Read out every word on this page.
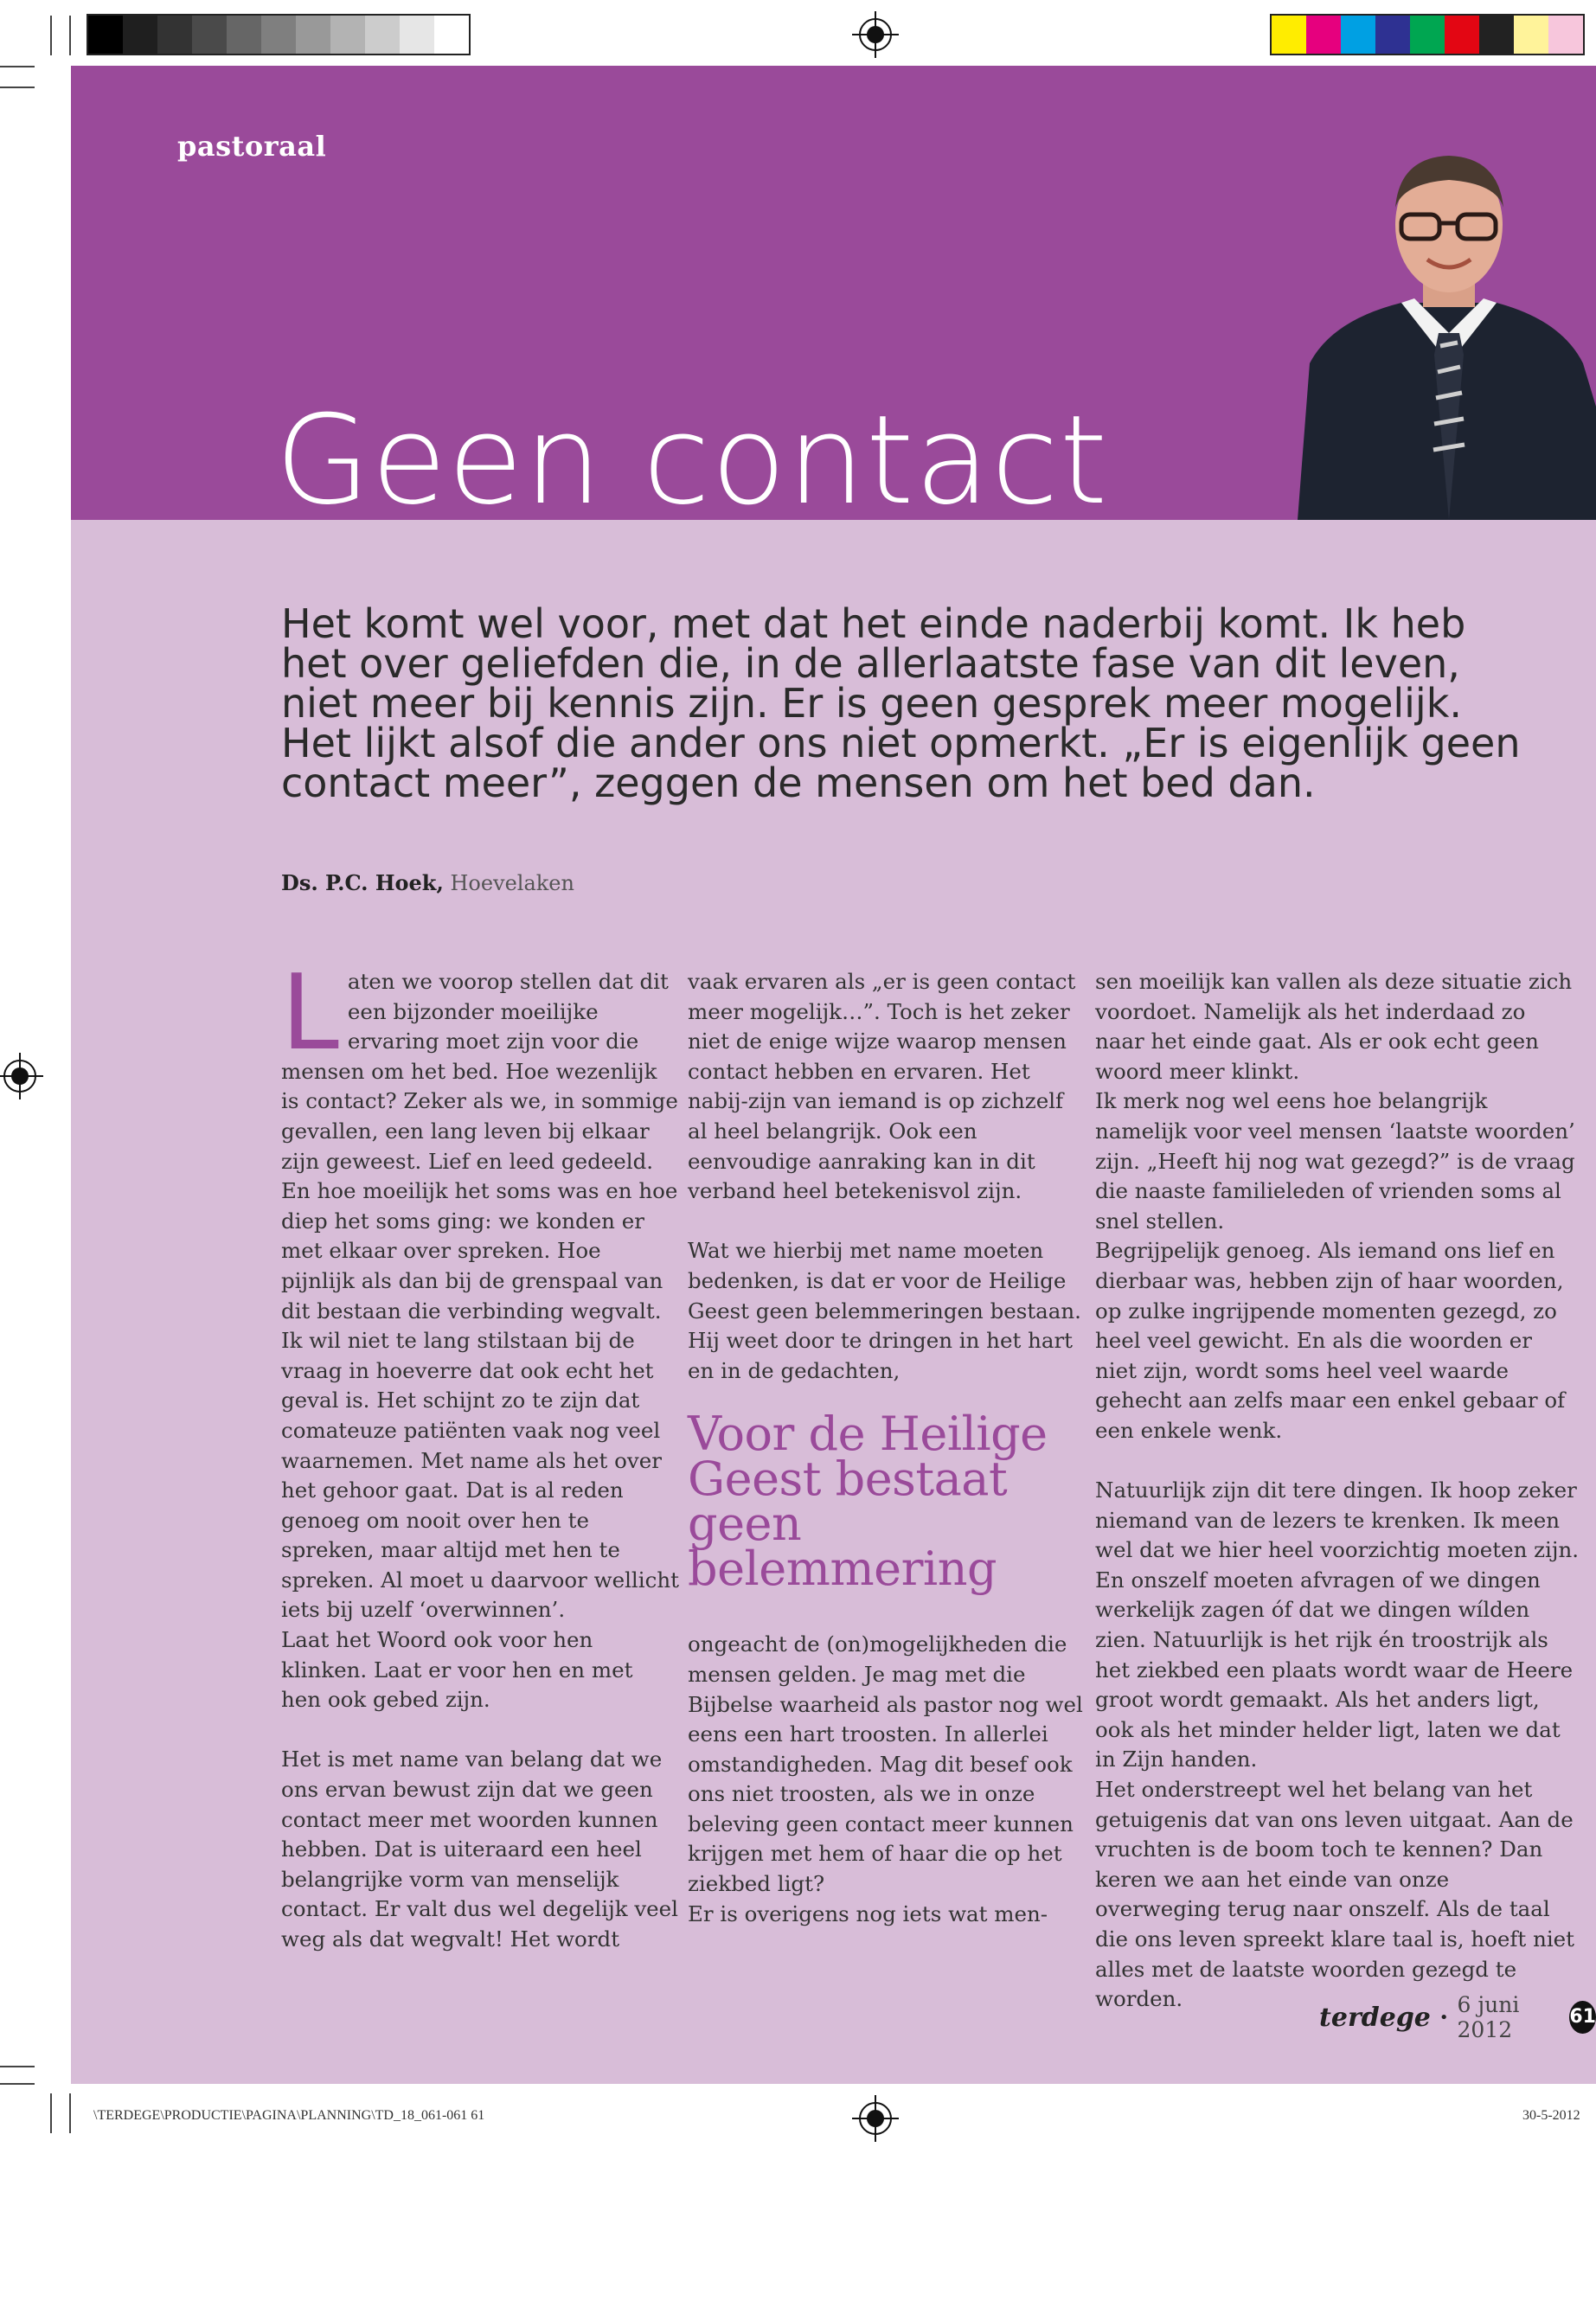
pastoraal
Geen contact

Het komt wel voor, met dat het einde naderbij komt. Ik heb het over geliefden die, in de allerlaatste fase van dit leven, niet meer bij kennis zijn. Er is geen gesprek meer mogelijk. Het lijkt alsof die ander ons niet opmerkt. „Er is eigenlijk geen contact meer”, zeggen de mensen om het bed dan.

Ds. P.C. Hoek, Hoevelaken

Laten we voorop stellen dat dit een bijzonder moeilijke ervaring moet zijn voor die mensen om het bed. Hoe wezenlijk is contact? Zeker als we, in sommige gevallen, een lang leven bij elkaar zijn geweest. Lief en leed gedeeld. En hoe moeilijk het soms was en hoe diep het soms ging: we konden er met elkaar over spreken. Hoe pijnlijk als dan bij de grenspaal van dit bestaan die verbinding wegvalt.
Ik wil niet te lang stilstaan bij de vraag in hoeverre dat ook echt het geval is. Het schijnt zo te zijn dat comateuze patiënten vaak nog veel waarnemen. Met name als het over het gehoor gaat. Dat is al reden genoeg om nooit over hen te spreken, maar altijd met hen te spreken. Al moet u daarvoor wellicht iets bij uzelf ‘overwinnen’.
Laat het Woord ook voor hen klinken. Laat er voor hen en met hen ook gebed zijn.

Het is met name van belang dat we ons ervan bewust zijn dat we geen contact meer met woorden kunnen hebben. Dat is uiteraard een heel belangrijke vorm van menselijk contact. Er valt dus wel degelijk veel weg als dat wegvalt! Het wordt

vaak ervaren als „er is geen contact meer mogelijk…”. Toch is het zeker niet de enige wijze waarop mensen contact hebben en ervaren. Het nabij-zijn van iemand is op zichzelf al heel belangrijk. Ook een eenvoudige aanraking kan in dit verband heel betekenisvol zijn.

Wat we hierbij met name moeten bedenken, is dat er voor de Heilige Geest geen belemmeringen bestaan. Hij weet door te dringen in het hart en in de gedachten,

Voor de Heilige Geest bestaat geen belemmering

ongeacht de (on)mogelijkheden die mensen gelden. Je mag met die Bijbelse waarheid als pastor nog wel eens een hart troosten. In allerlei omstandigheden. Mag dit besef ook ons niet troosten, als we in onze beleving geen contact meer kunnen krijgen met hem of haar die op het ziekbed ligt?
Er is overigens nog iets wat men-

sen moeilijk kan vallen als deze situatie zich voordoet. Namelijk als het inderdaad zo naar het einde gaat. Als er ook echt geen woord meer klinkt.
Ik merk nog wel eens hoe belangrijk namelijk voor veel mensen ‘laatste woorden’ zijn. „Heeft hij nog wat gezegd?” is de vraag die naaste familieleden of vrienden soms al snel stellen.
Begrijpelijk genoeg. Als iemand ons lief en dierbaar was, hebben zijn of haar woorden, op zulke ingrijpende momenten gezegd, zo heel veel gewicht. En als die woorden er niet zijn, wordt soms heel veel waarde gehecht aan zelfs maar een enkel gebaar of een enkele wenk.

Natuurlijk zijn dit tere dingen. Ik hoop zeker niemand van de lezers te krenken. Ik meen wel dat we hier heel voorzichtig moeten zijn. En onszelf moeten afvragen of we dingen werkelijk zagen óf dat we dingen wílden zien. Natuurlijk is het rijk én troostrijk als het ziekbed een plaats wordt waar de Heere groot wordt gemaakt. Als het anders ligt, ook als het minder helder ligt, laten we dat in Zijn handen.
Het onderstreept wel het belang van het getuigenis dat van ons leven uitgaat. Aan de vruchten is de boom toch te kennen? Dan keren we aan het einde van onze overweging terug naar onszelf. Als de taal die ons leven spreekt klare taal is, hoeft niet alles met de laatste woorden gezegd te worden.

terdege • 6 juni 2012
61
\TERDEGE\PRODUCTIE\PAGINA\PLANNING\TD_18_061-061 61	30-5-2012
